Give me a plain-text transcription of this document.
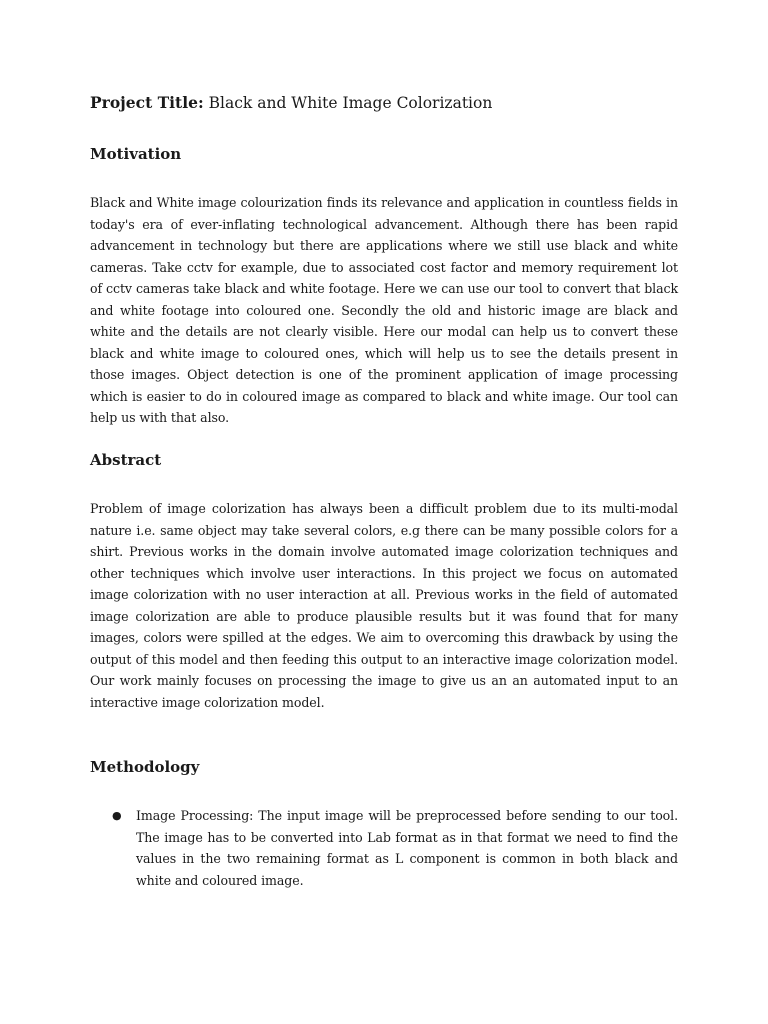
Project Title: Black and White Image Colorization
Motivation

Black and White image colourization finds its relevance and application in countless fields in today's era of ever-inflating technological advancement. Although there has been rapid advancement in technology but there are applications where we still use black and white cameras. Take cctv for example, due to associated cost factor and memory requirement lot of cctv cameras take black and white footage. Here we can use our tool to convert that black and white footage into coloured one. Secondly the old and historic image are black and white and the details are not clearly visible. Here our modal can help us to convert these black and white image to coloured ones, which will help us to see the details present in those images. Object detection is one of the prominent application of image processing which is easier to do in coloured image as compared to black and white image. Our tool can help us with that also.

Abstract

Problem of image colorization has always been a difficult problem due to its multi-modal nature i.e. same object may take several colors, e.g there can be many possible colors for a shirt. Previous works in the domain involve automated image colorization techniques and other techniques which involve user interactions. In this project we focus on automated image colorization with no user interaction at all. Previous works in the field of automated image colorization are able to produce plausible results but it was found that for many images, colors were spilled at the edges. We aim to overcoming this drawback by using the output of this model and then feeding this output to an interactive image colorization model. Our work mainly focuses on processing the image to give us an an automated input to an interactive image colorization model.

Methodology
● Image Processing: The input image will be preprocessed before sending to our tool. The image has to be converted into Lab format as in that format we need to find the values in the two remaining format as L component is common in both black and white and coloured image.
